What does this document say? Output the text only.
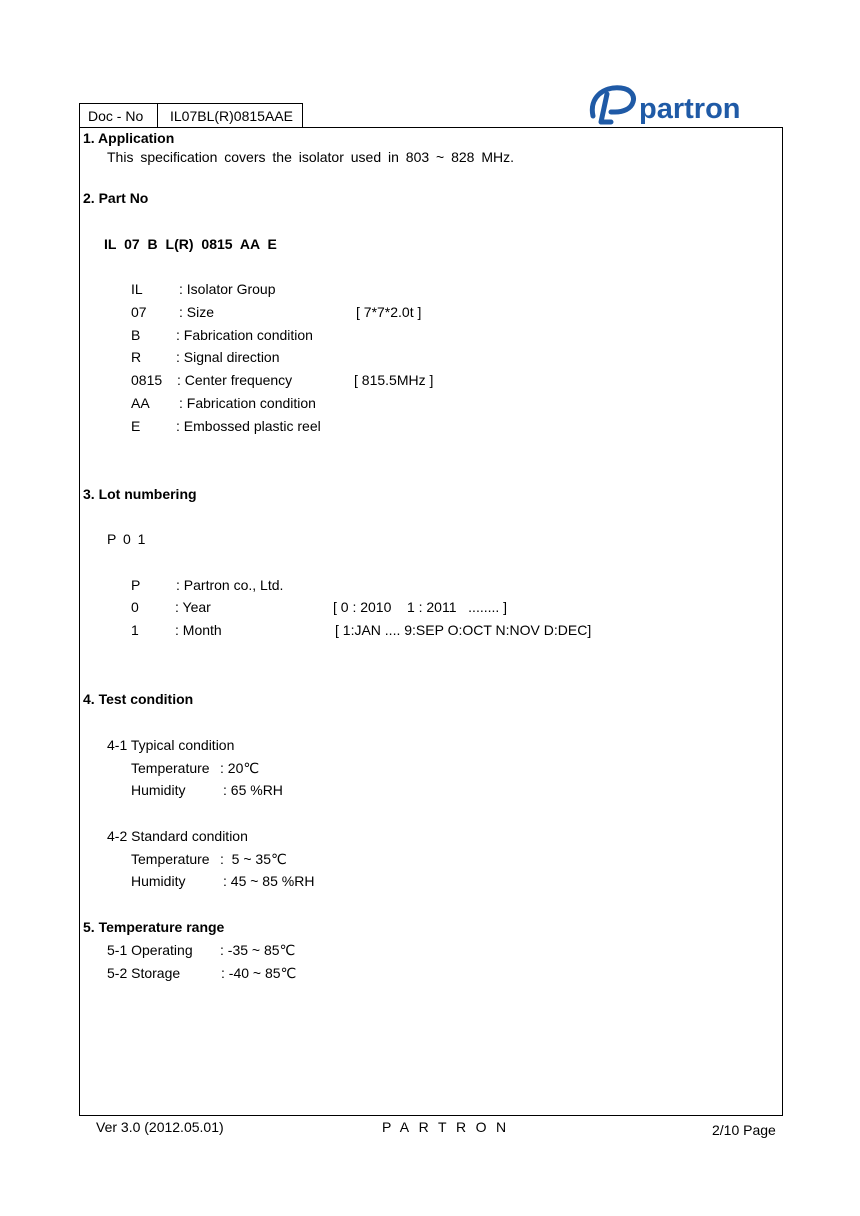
Doc - No	IL07BL(R)0815AAE	partron
1. Application
This specification covers the isolator used in 803 ~ 828 MHz.
2. Part No
IL 07 B L(R) 0815 AA E
IL	: Isolator Group
07 : Size	[ 7*7*2.0t ]
B	: Fabrication condition
R : Signal direction
0815 : Center frequency	[ 815.5MHz ]
AA : Fabrication condition
E	: Embossed plastic reel
3. Lot numbering
P 0 1
P	: Partron co., Ltd.
0	: Year	[ 0 : 2010    1 : 2011   ........ ]
1	: Month	[ 1:JAN .... 9:SEP O:OCT N:NOV D:DEC]
4. Test condition
4-1 Typical condition
Temperature : 20℃
Humidity	: 65 %RH
4-2 Standard condition
Temperature :  5 ~ 35℃
Humidity	: 45 ~ 85 %RH
5. Temperature range
5-1 Operating : -35 ~ 85℃
5-2 Storage	: -40 ~ 85℃
Ver 3.0 (2012.05.01)	PARTRON	2/10 Page
